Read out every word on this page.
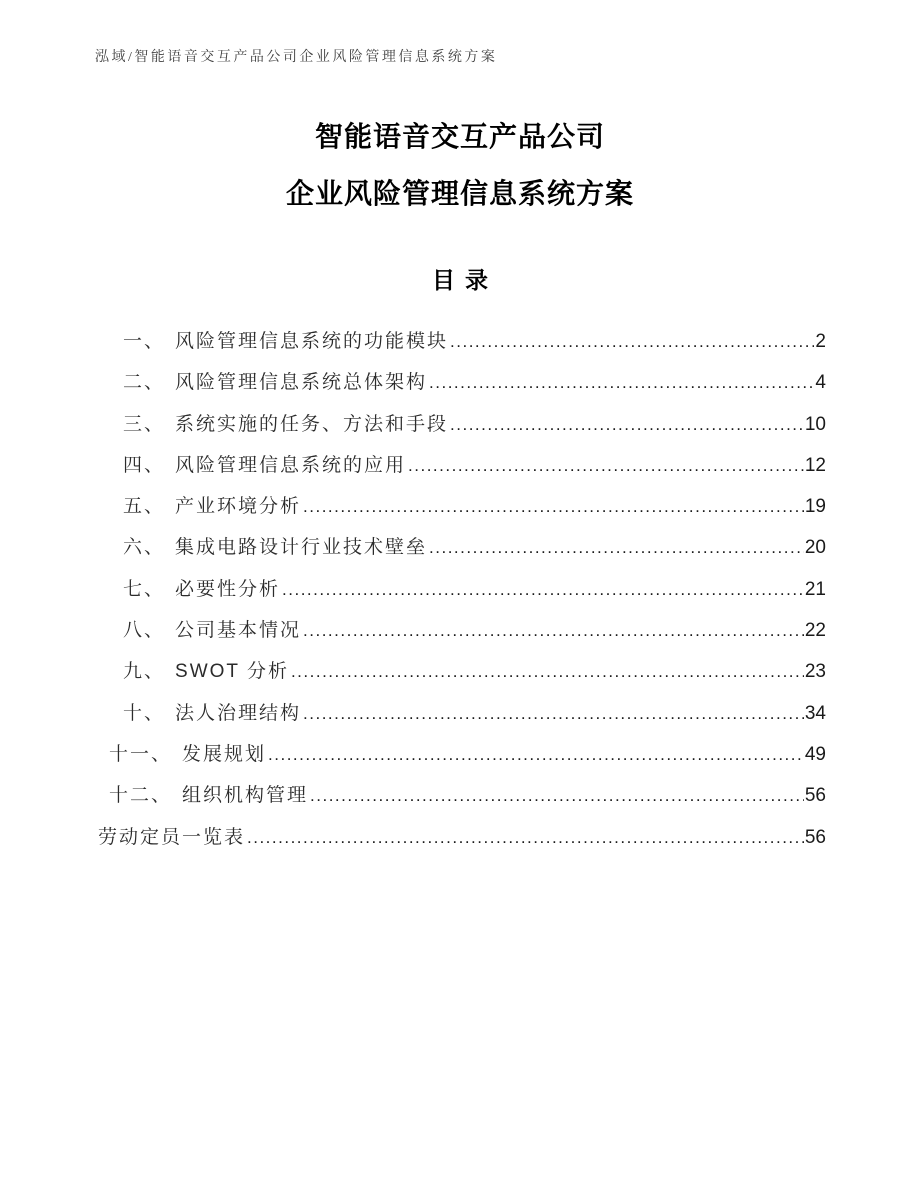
泓域/智能语音交互产品公司企业风险管理信息系统方案
智能语音交互产品公司
企业风险管理信息系统方案
目录
一、 风险管理信息系统的功能模块 .....	2
二、 风险管理信息系统总体架构 .....	4
三、 系统实施的任务、方法和手段 .....	10
四、 风险管理信息系统的应用 .....	12
五、 产业环境分析 .....	19
六、 集成电路设计行业技术壁垒 .....	20
七、 必要性分析 .....	21
八、 公司基本情况 .....	22
九、 SWOT 分析 .....	23
十、 法人治理结构 .....	34
十一、 发展规划 .....	49
十二、 组织机构管理 .....	56
劳动定员一览表 .....	56
